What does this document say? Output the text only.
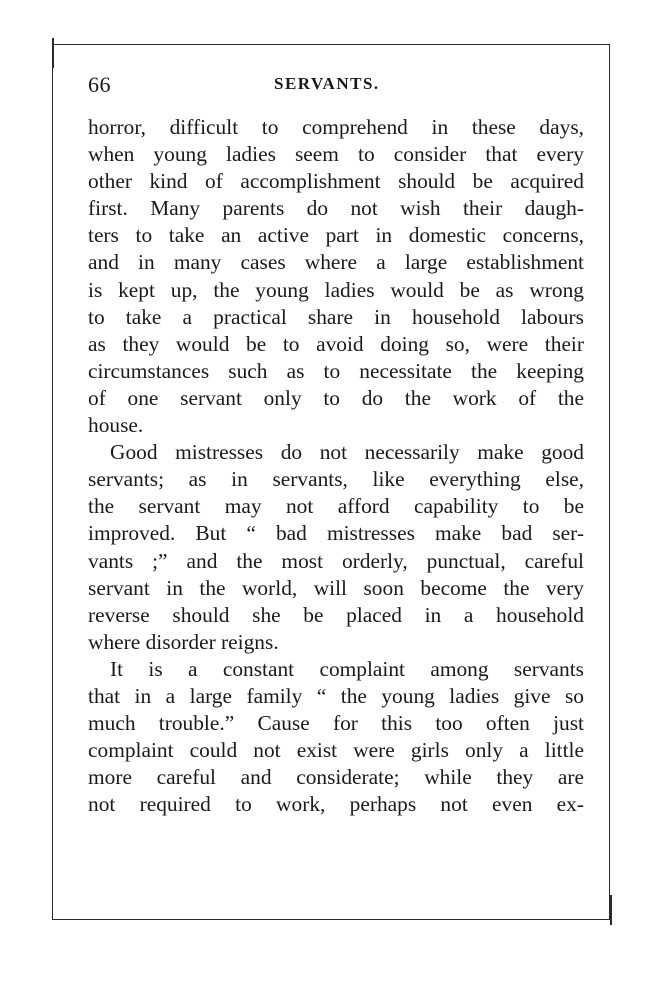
66	SERVANTS.
horror, difficult to comprehend in these days,
when young ladies seem to consider that every
other kind of accomplishment should be acquired
first. Many parents do not wish their daugh-
ters to take an active part in domestic concerns,
and in many cases where a large establishment
is kept up, the young ladies would be as wrong
to take a practical share in household labours
as they would be to avoid doing so, were their
circumstances such as to necessitate the keeping
of one servant only to do the work of the
house.
Good mistresses do not necessarily make good
servants; as in servants, like everything else,
the servant may not afford capability to be
improved. But “ bad mistresses make bad ser-
vants ;” and the most orderly, punctual, careful
servant in the world, will soon become the very
reverse should she be placed in a household
where disorder reigns.
It is a constant complaint among servants
that in a large family “ the young ladies give so
much trouble.” Cause for this too often just
complaint could not exist were girls only a little
more careful and considerate; while they are
not required to work, perhaps not even ex-
